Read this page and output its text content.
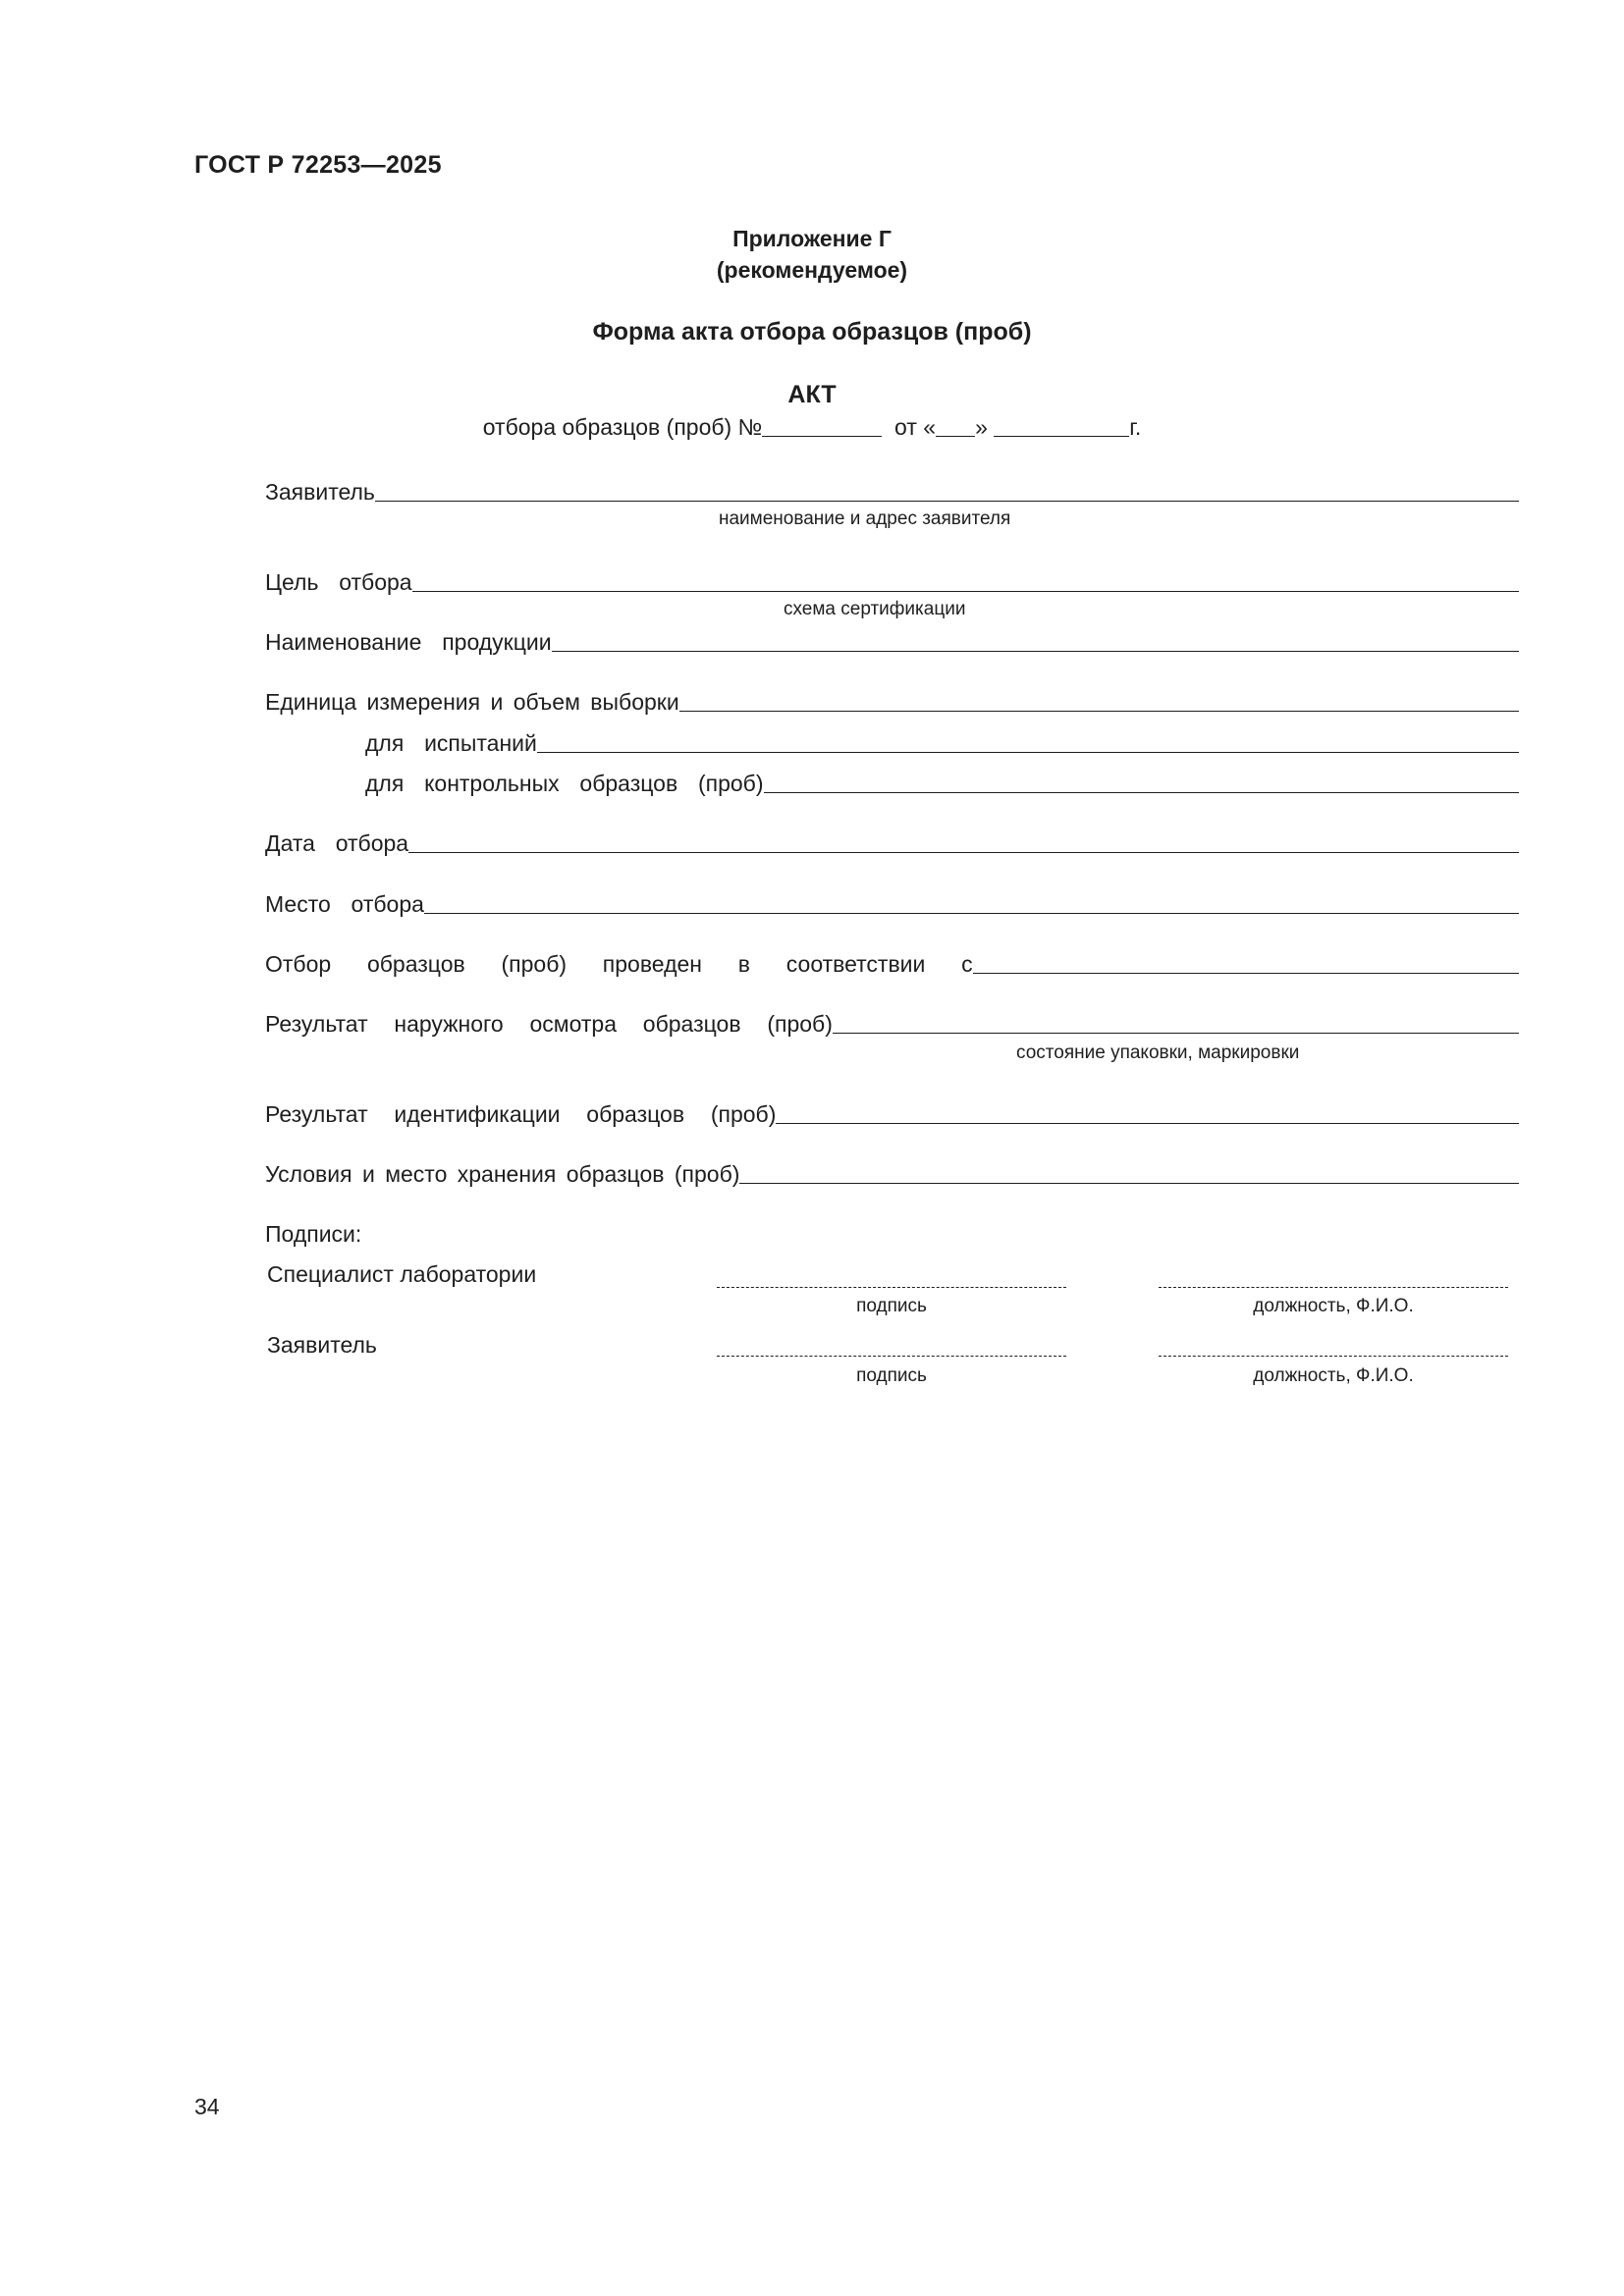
ГОСТ Р 72253—2025
Приложение Г
(рекомендуемое)
Форма акта отбора образцов (проб)
АКТ
отбора образцов (проб) №	от « »	г.
Заявитель
наименование и адрес заявителя
Цель  отбора
схема сертификации
Наименование  продукции
Единица измерения и объем выборки
для  испытаний
для  контрольных  образцов  (проб)
Дата  отбора
Место  отбора
Отбор  образцов  (проб)  проведен  в  соответствии  с
Результат  наружного  осмотра  образцов  (проб)
состояние упаковки, маркировки
Результат  идентификации  образцов  (проб)
Условия и место хранения образцов (проб)
Подписи:
Специалист лаборатории
подпись	должность, Ф.И.О.
Заявитель
подпись	должность, Ф.И.О.
34
